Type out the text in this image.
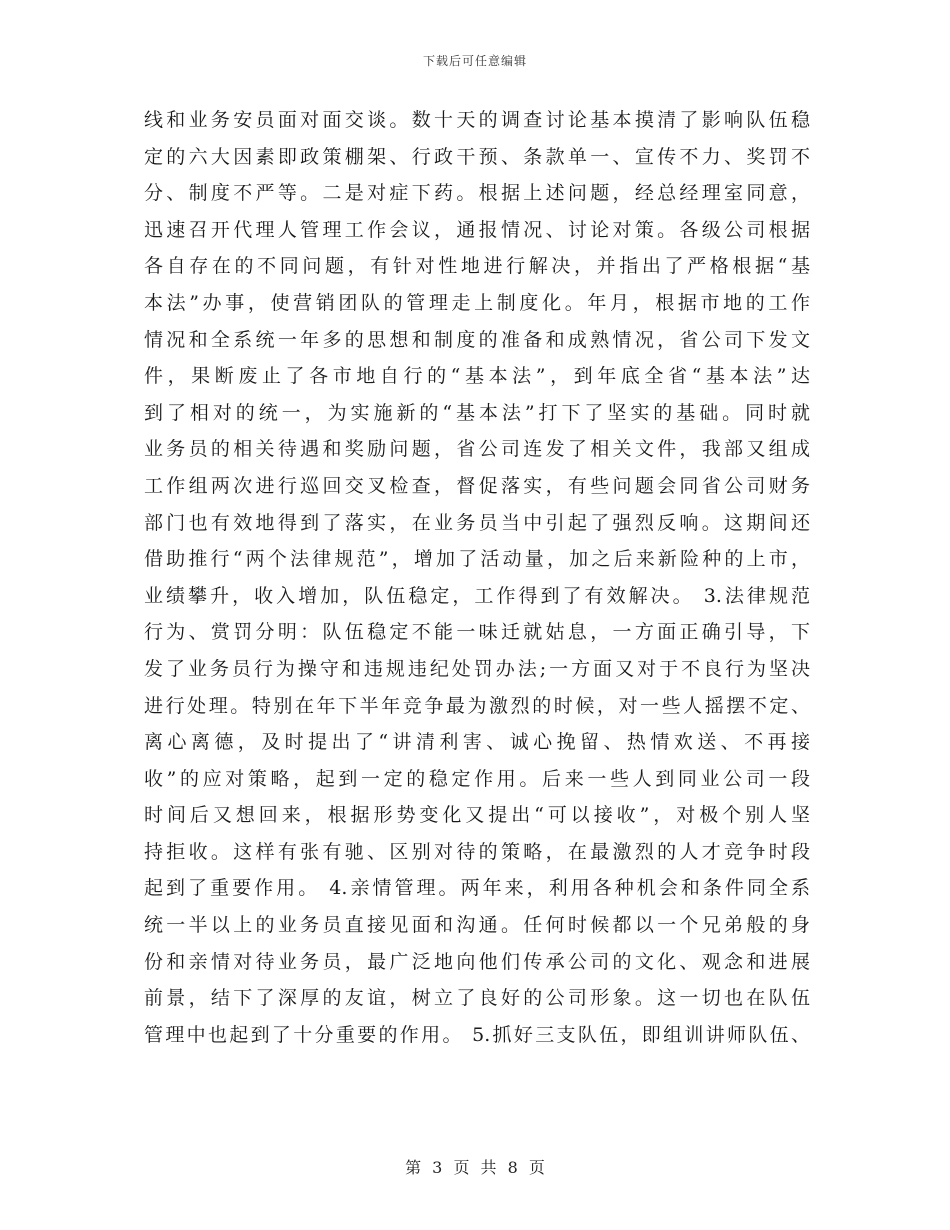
下载后可任意编辑
线和业务安员面对面交谈。数十天的调查讨论基本摸清了影响队伍稳
定的六大因素即政策棚架、行政干预、条款单一、宣传不力、奖罚不
分、制度不严等。二是对症下药。根据上述问题，经总经理室同意，
迅速召开代理人管理工作会议，通报情况、讨论对策。各级公司根据
各自存在的不同问题，有针对性地进行解决，并指出了严格根据“基
本法”办事，使营销团队的管理走上制度化。年月，根据市地的工作
情况和全系统一年多的思想和制度的准备和成熟情况，省公司下发文
件，果断废止了各市地自行的“基本法”，到年底全省“基本法”达
到了相对的统一，为实施新的“基本法”打下了坚实的基础。同时就
业务员的相关待遇和奖励问题，省公司连发了相关文件，我部又组成
工作组两次进行巡回交叉检查，督促落实，有些问题会同省公司财务
部门也有效地得到了落实，在业务员当中引起了强烈反响。这期间还
借助推行“两个法律规范”，增加了活动量，加之后来新险种的上市，
业绩攀升，收入增加，队伍稳定，工作得到了有效解决。 3.法律规范
行为、赏罚分明：队伍稳定不能一味迁就姑息，一方面正确引导，下
发了业务员行为操守和违规违纪处罚办法;一方面又对于不良行为坚决
进行处理。特别在年下半年竞争最为激烈的时候，对一些人摇摆不定、
离心离德，及时提出了“讲清利害、诚心挽留、热情欢送、不再接
收”的应对策略，起到一定的稳定作用。后来一些人到同业公司一段
时间后又想回来，根据形势变化又提出“可以接收”，对极个别人坚
持拒收。这样有张有驰、区别对待的策略，在最激烈的人才竞争时段
起到了重要作用。 4.亲情管理。两年来，利用各种机会和条件同全系
统一半以上的业务员直接见面和沟通。任何时候都以一个兄弟般的身
份和亲情对待业务员，最广泛地向他们传承公司的文化、观念和进展
前景，结下了深厚的友谊，树立了良好的公司形象。这一切也在队伍
管理中也起到了十分重要的作用。 5.抓好三支队伍，即组训讲师队伍、
第 3 页 共 8 页
